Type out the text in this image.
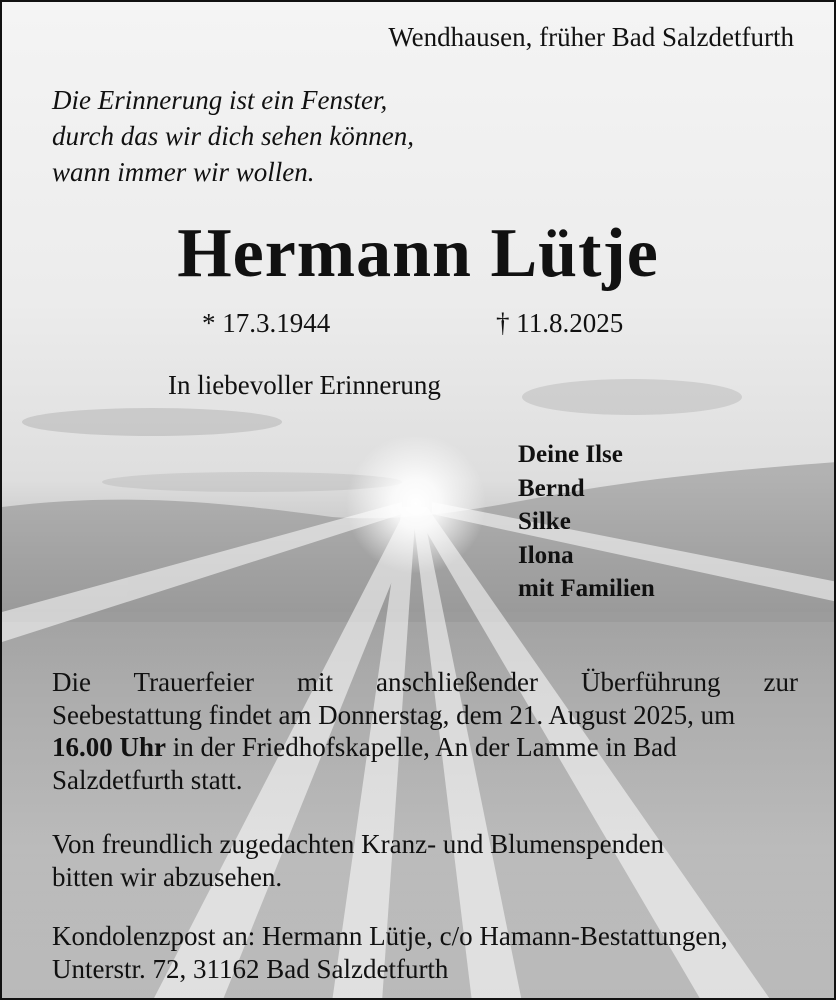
Wendhausen, früher Bad Salzdetfurth
Die Erinnerung ist ein Fenster,
durch das wir dich sehen können,
wann immer wir wollen.
Hermann Lütje
* 17.3.1944	† 11.8.2025
In liebevoller Erinnerung
Deine Ilse
Bernd
Silke
Ilona
mit Familien
Die Trauerfeier mit anschließender Überführung zur
Seebestattung findet am Donnerstag, dem 21. August 2025, um
16.00 Uhr in der Friedhofskapelle, An der Lamme in Bad
Salzdetfurth statt.
Von freundlich zugedachten Kranz- und Blumenspenden
bitten wir abzusehen.
Kondolenzpost an: Hermann Lütje, c/o Hamann-Bestattungen,
Unterstr. 72, 31162 Bad Salzdetfurth
